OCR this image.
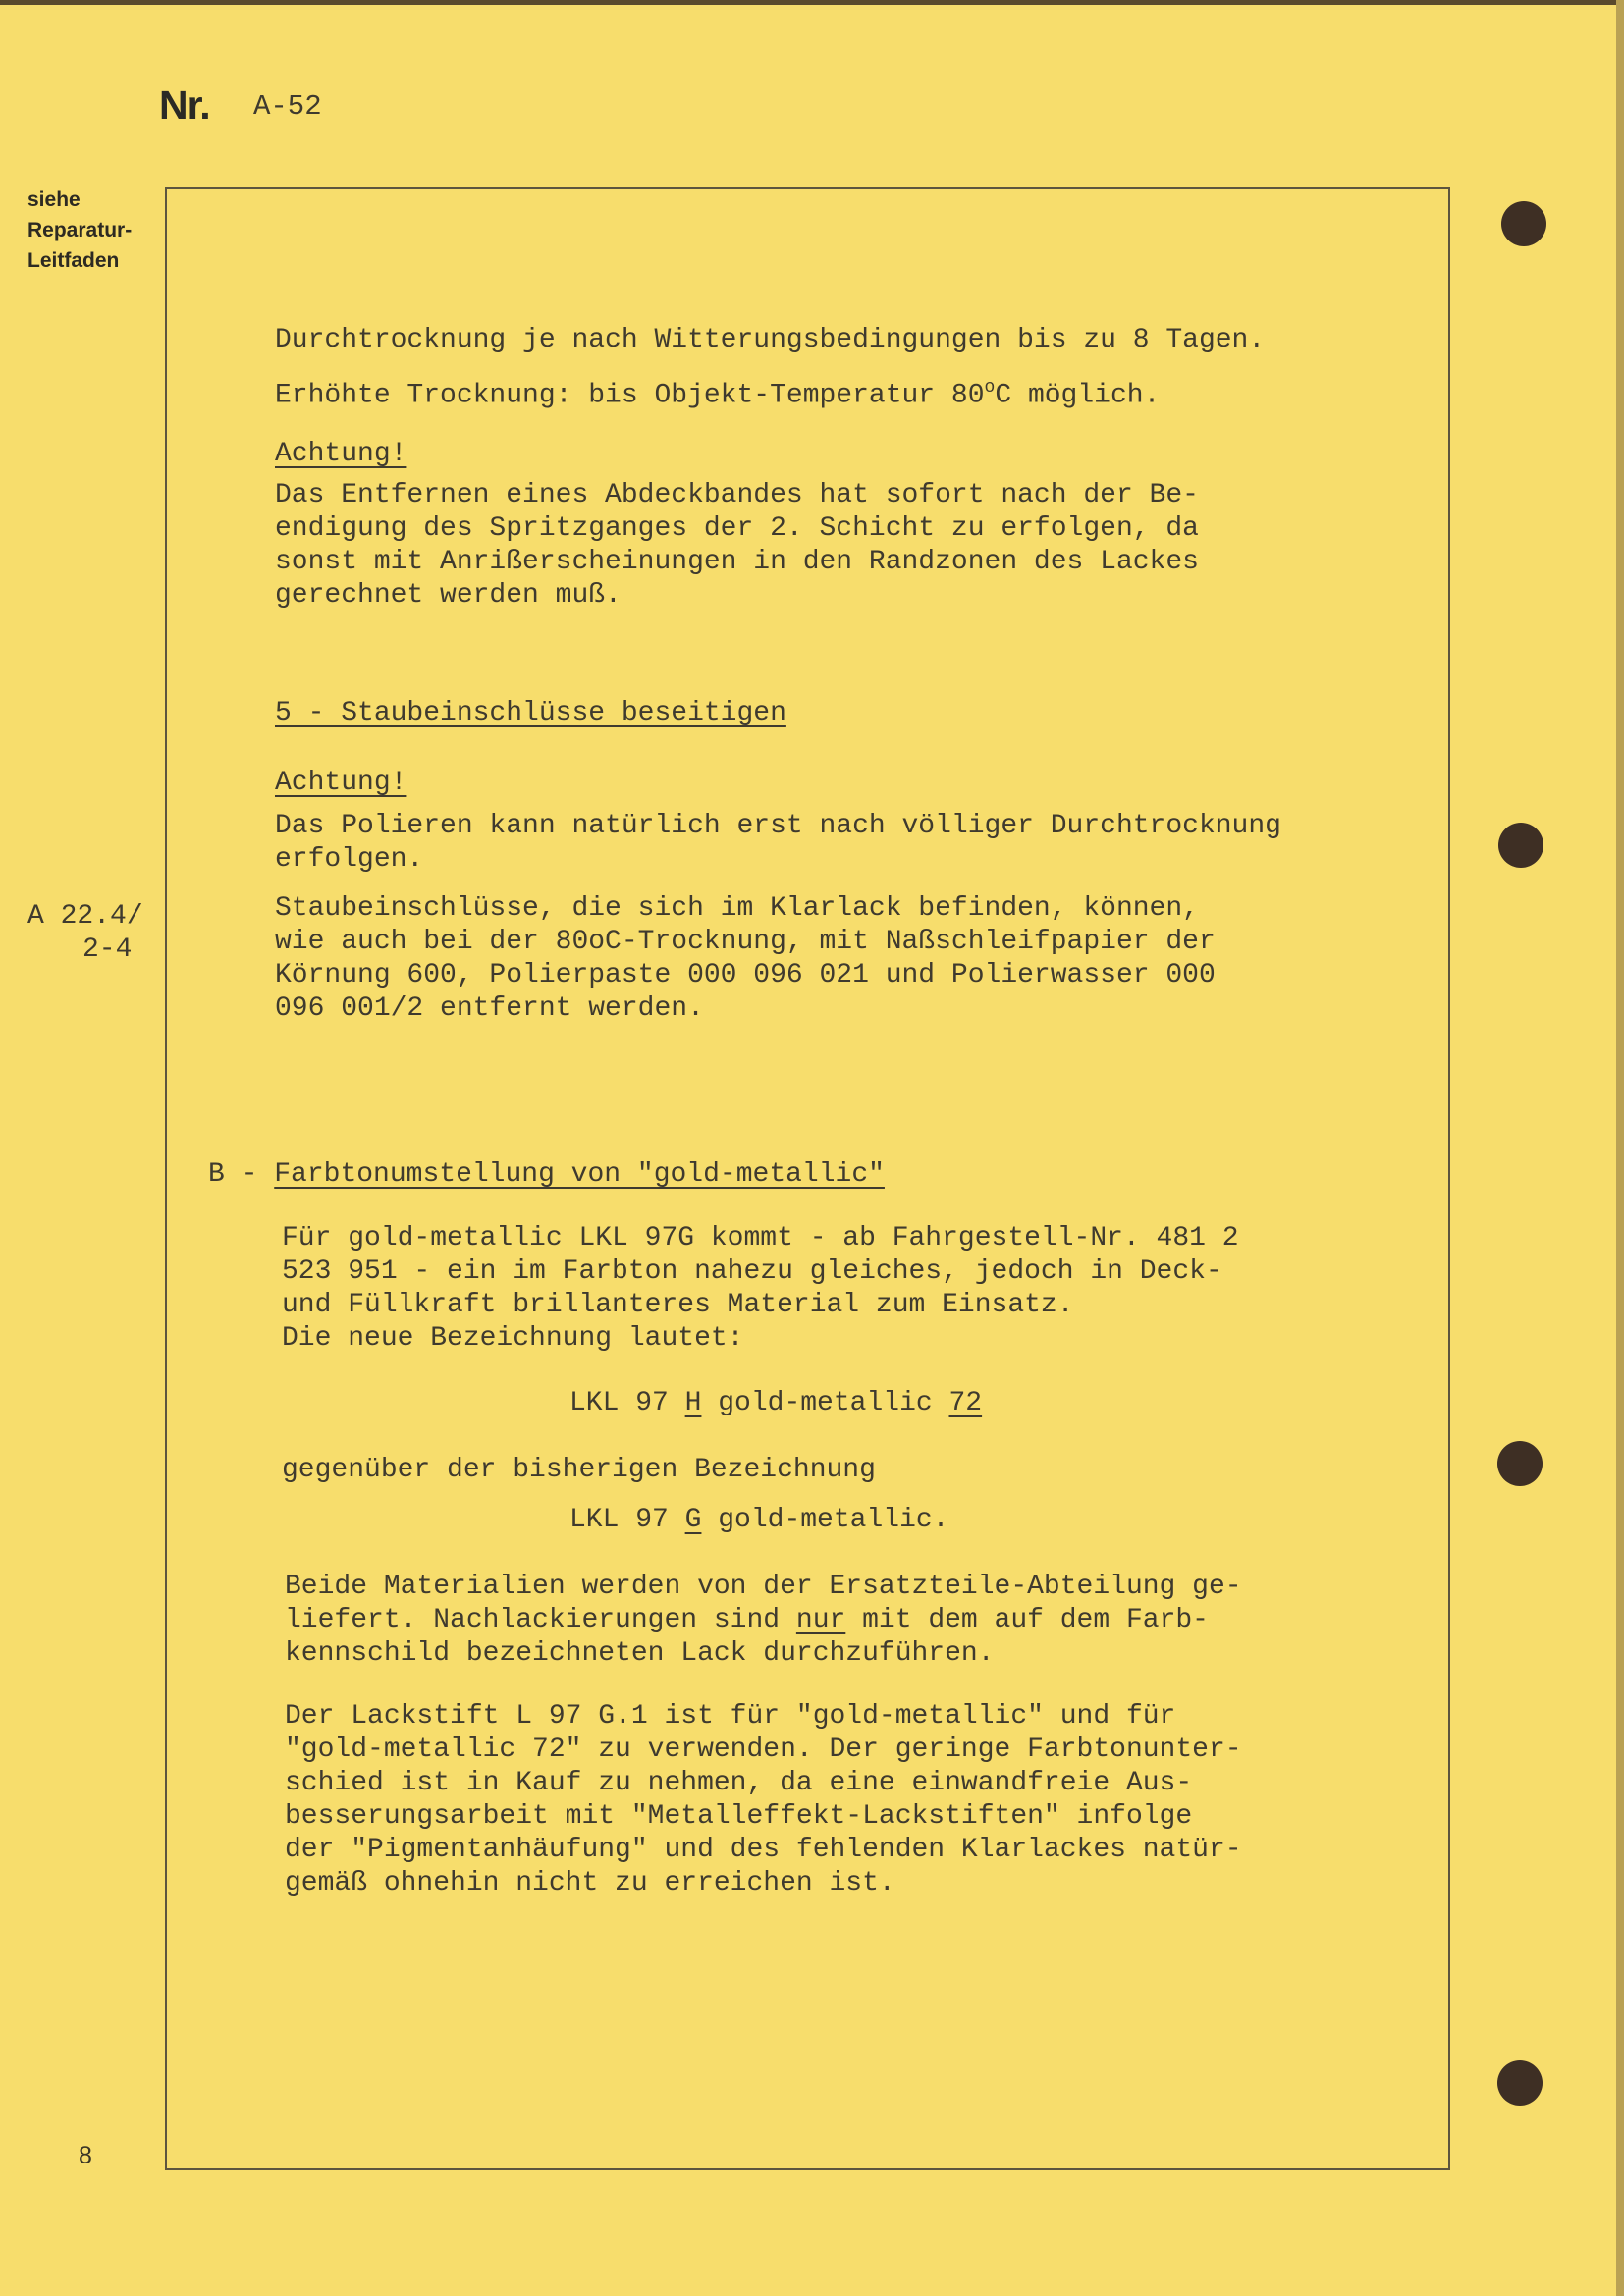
Nr. A-52
siehe
Reparatur-
Leitfaden
A 22.4/
2-4
8

Durchtrocknung je nach Witterungsbedingungen bis zu 8 Tagen.

Erhöhte Trocknung: bis Objekt-Temperatur 80$^o$C möglich.

Achtung!

Das Entfernen eines Abdeckbandes hat sofort nach der Be-

endigung des Spritzganges der 2. Schicht zu erfolgen, da

sonst mit Anrißerscheinungen in den Randzonen des Lackes

gerechnet werden muß.

5 - Staubeinschlüsse beseitigen

Achtung!

Das Polieren kann natürlich erst nach völliger Durchtrocknung

erfolgen.

Staubeinschlüsse, die sich im Klarlack befinden, können,

wie auch bei der 80oC-Trocknung, mit Naßschleifpapier der

Körnung 600, Polierpaste 000 096 021 und Polierwasser 000

096 001/2 entfernt werden.

B - Farbtonumstellung von "gold-metallic"

Für gold-metallic LKL 97G kommt - ab Fahrgestell-Nr. 481 2

523 951 - ein im Farbton nahezu gleiches, jedoch in Deck-

und Füllkraft brillanteres Material zum Einsatz.

Die neue Bezeichnung lautet:

LKL 97 H gold-metallic 72

gegenüber der bisherigen Bezeichnung

LKL 97 G gold-metallic.

Beide Materialien werden von der Ersatzteile-Abteilung ge-

liefert. Nachlackierungen sind nur mit dem auf dem Farb-

kennschild bezeichneten Lack durchzuführen.

Der Lackstift L 97 G.1 ist für "gold-metallic" und für

"gold-metallic 72" zu verwenden. Der geringe Farbtonunter-

schied ist in Kauf zu nehmen, da eine einwandfreie Aus-

besserungsarbeit mit "Metalleffekt-Lackstiften" infolge

der "Pigmentanhäufung" und des fehlenden Klarlackes natür-

gemäß ohnehin nicht zu erreichen ist.
